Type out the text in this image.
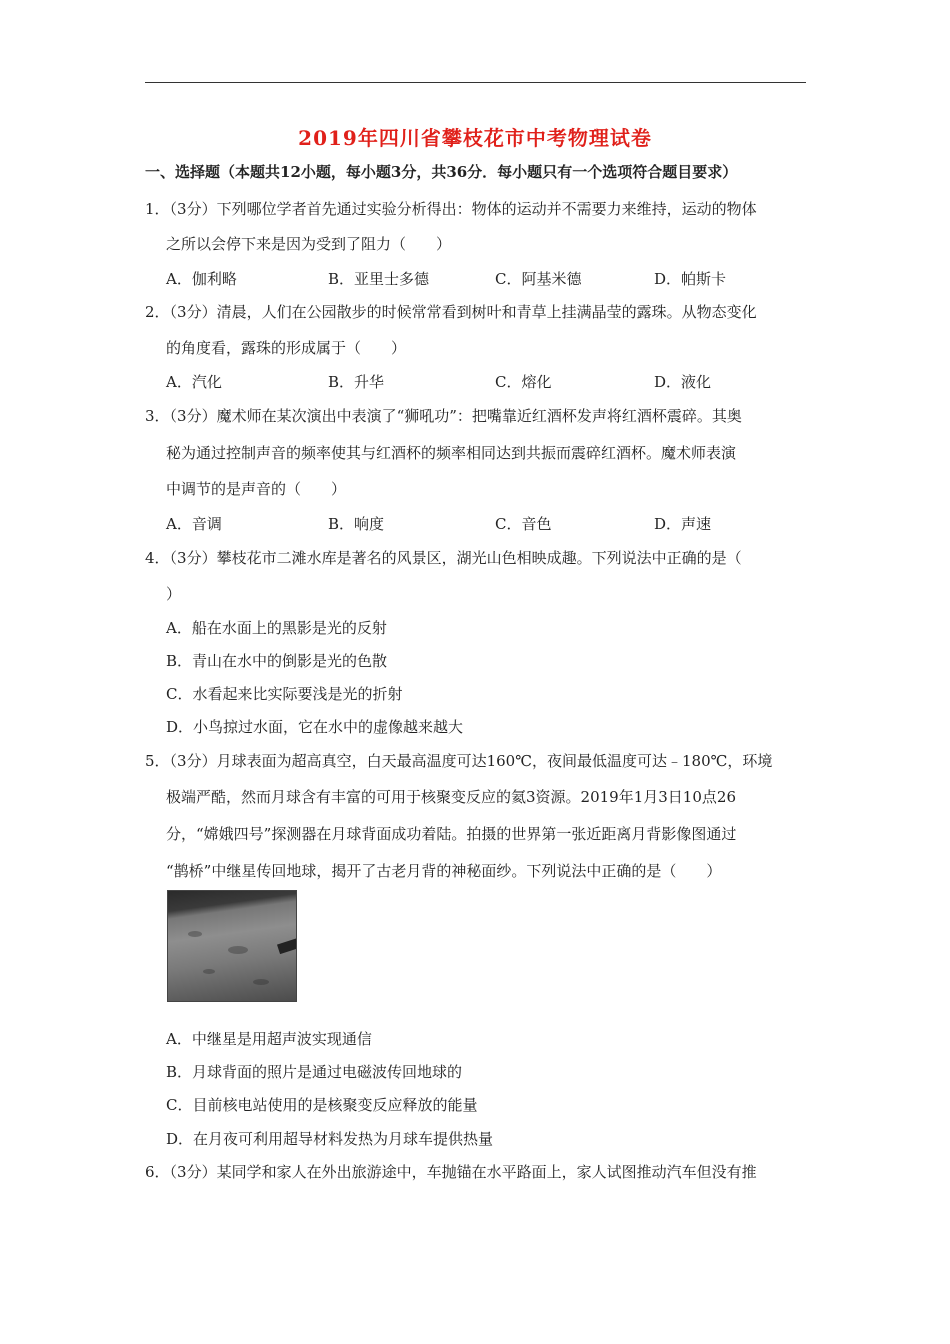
2019年四川省攀枝花市中考物理试卷
一、选择题（本题共12小题，每小题3分，共36分．每小题只有一个选项符合题目要求）
1．（3分）下列哪位学者首先通过实验分析得出：物体的运动并不需要力来维持，运动的物体
之所以会停下来是因为受到了阻力（　　）
A．伽利略	B．亚里士多德	C．阿基米德	D．帕斯卡
2．（3分）清晨，人们在公园散步的时候常常看到树叶和青草上挂满晶莹的露珠。从物态变化
的角度看，露珠的形成属于（　　）
A．汽化	B．升华	C．熔化	D．液化
3．（3分）魔术师在某次演出中表演了“狮吼功”：把嘴靠近红酒杯发声将红酒杯震碎。其奥
秘为通过控制声音的频率使其与红酒杯的频率相同达到共振而震碎红酒杯。魔术师表演
中调节的是声音的（　　）
A．音调	B．响度	C．音色	D．声速
4．（3分）攀枝花市二滩水库是著名的风景区，湖光山色相映成趣。下列说法中正确的是（
）
A．船在水面上的黑影是光的反射
B．青山在水中的倒影是光的色散
C．水看起来比实际要浅是光的折射
D．小鸟掠过水面，它在水中的虚像越来越大
5．（3分）月球表面为超高真空，白天最高温度可达160℃，夜间最低温度可达﹣180℃，环境
极端严酷，然而月球含有丰富的可用于核聚变反应的氦3资源。2019年1月3日10点26
分，“嫦娥四号”探测器在月球背面成功着陆。拍摄的世界第一张近距离月背影像图通过
“鹊桥”中继星传回地球，揭开了古老月背的神秘面纱。下列说法中正确的是（　　）
A．中继星是用超声波实现通信
B．月球背面的照片是通过电磁波传回地球的
C．目前核电站使用的是核聚变反应释放的能量
D．在月夜可利用超导材料发热为月球车提供热量
6．（3分）某同学和家人在外出旅游途中，车抛锚在水平路面上，家人试图推动汽车但没有推
